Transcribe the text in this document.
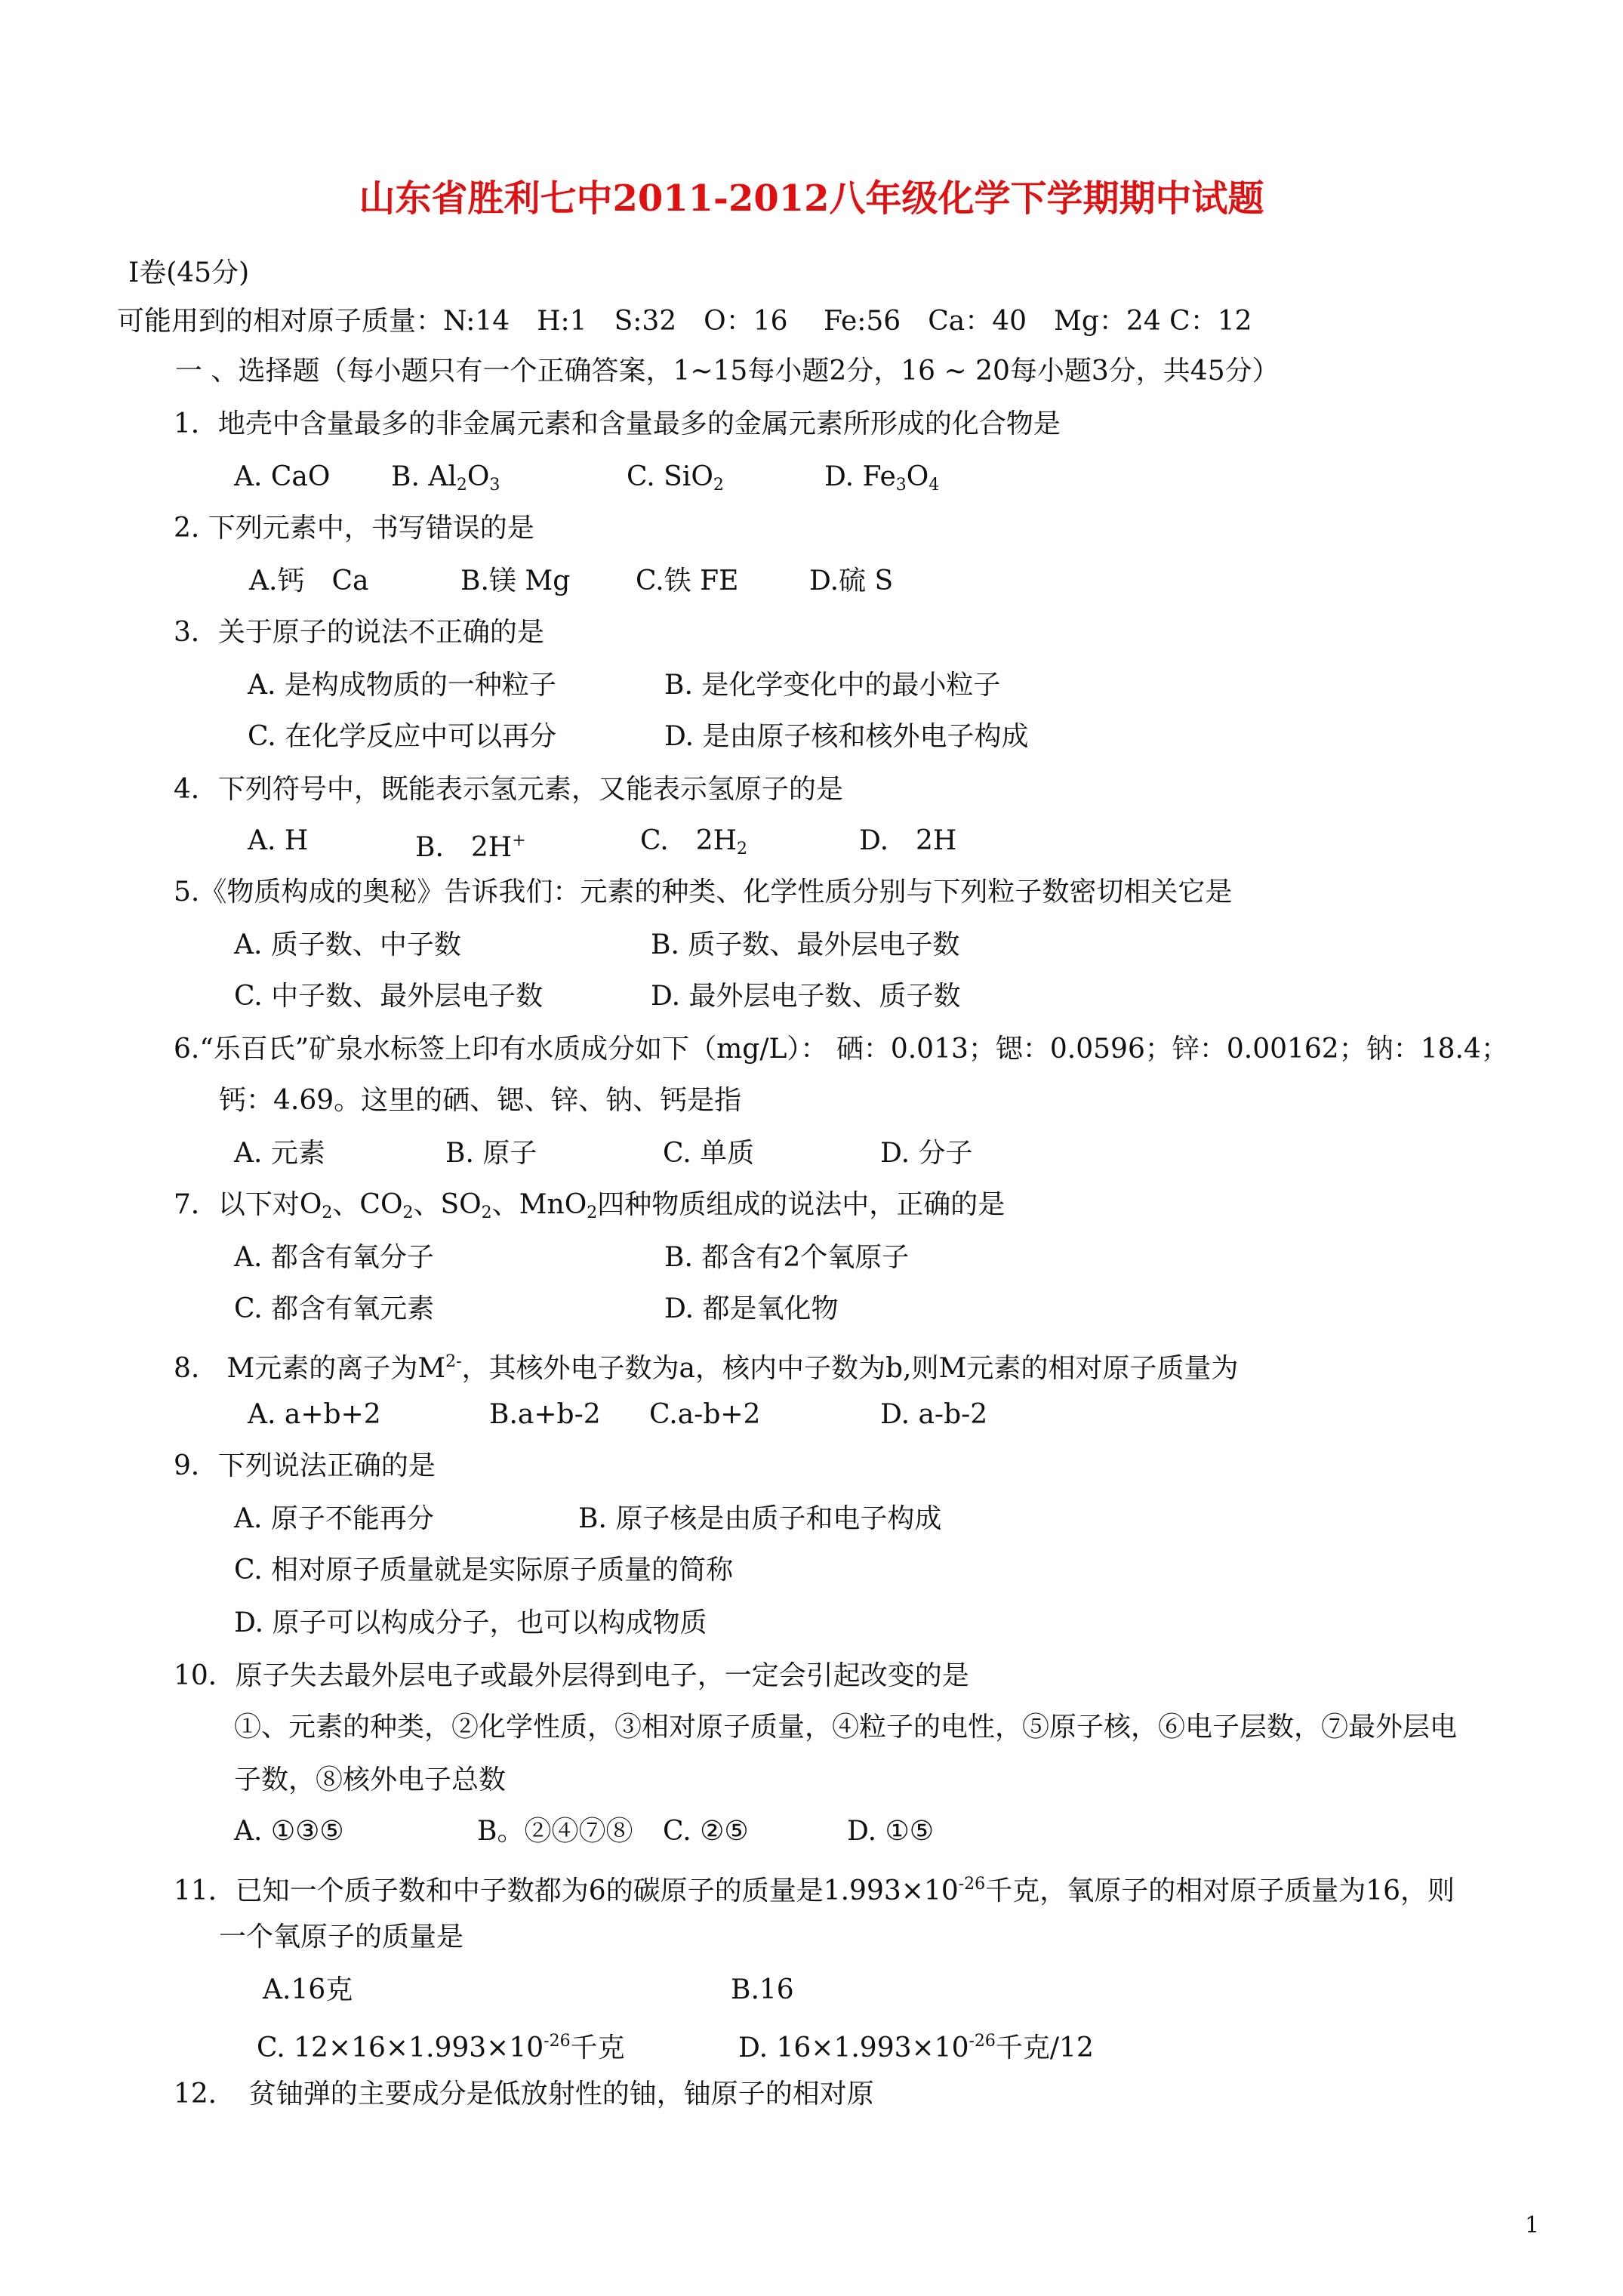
山东省胜利七中2011-2012八年级化学下学期期中试题
Ⅰ卷(45分)
可能用到的相对原子质量：N:14　H:1　S:32　O：16　 Fe:56　Ca：40　Mg：24 C：12
一 、选择题（每小题只有一个正确答案，1~15每小题2分，16 ~ 20每小题3分，共45分）
1．地壳中含量最多的非金属元素和含量最多的金属元素所形成的化合物是
A. CaO B. $Al_2O_3$	C. SiO$_2$	D. $Fe_3O_4$
2. 下列元素中，书写错误的是
A.钙　Ca	B.镁 Mg C.铁 FE	D.硫 S
3．关于原子的说法不正确的是
A. 是构成物质的一种粒子	B. 是化学变化中的最小粒子
C. 在化学反应中可以再分	D. 是由原子核和核外电子构成
4．下列符号中，既能表示氢元素，又能表示氢原子的是
A. H	B.　2H+	C.　$2H_2$	D.　2H
5.《物质构成的奥秘》告诉我们：元素的种类、化学性质分别与下列粒子数密切相关它是
A. 质子数、中子数	B. 质子数、最外层电子数
C. 中子数、最外层电子数	D. 最外层电子数、质子数
6.“乐百氏”矿泉水标签上印有水质成分如下（mg/L）： 硒：0.013；锶：0.0596；锌：0.00162；钠：18.4；
钙：4.69。这里的硒、锶、锌、钠、钙是指
A. 元素	B. 原子	C. 单质	D. 分子
7．以下对$O_2$、$CO_2$、$SO_2$、MnO$_2$四种物质组成的说法中，正确的是
A. 都含有氧分子	B. 都含有2个氧原子
C. 都含有氧元素	D. 都是氧化物
8.　M元素的离子为$M^{2-}$，其核外电子数为a，核内中子数为b,则M元素的相对原子质量为
A. a+b+2	B.a+b-2 C.a-b+2	D. a-b-2
9．下列说法正确的是
A. 原子不能再分	B. 原子核是由质子和电子构成
C. 相对原子质量就是实际原子质量的简称
D. 原子可以构成分子，也可以构成物质
10．原子失去最外层电子或最外层得到电子，一定会引起改变的是
①、元素的种类，②化学性质，③相对原子质量，④粒子的电性，⑤原子核，⑥电子层数，⑦最外层电
子数，⑧核外电子总数
A. ①③⑤	B。②④⑦⑧ C. ②⑤	D. ①⑤
11．已知一个质子数和中子数都为6的碳原子的质量是$1.993\times 10^{-26}$千克，氧原子的相对原子质量为16，则
一个氧原子的质量是
A.16克	B.16
C. $12\times 16\times 1.993\times 10^{-26}$千克	D. $16\times 1.993\times 10^{-26}$千克/12
12．　贫铀弹的主要成分是低放射性的铀，铀原子的相对原
1
